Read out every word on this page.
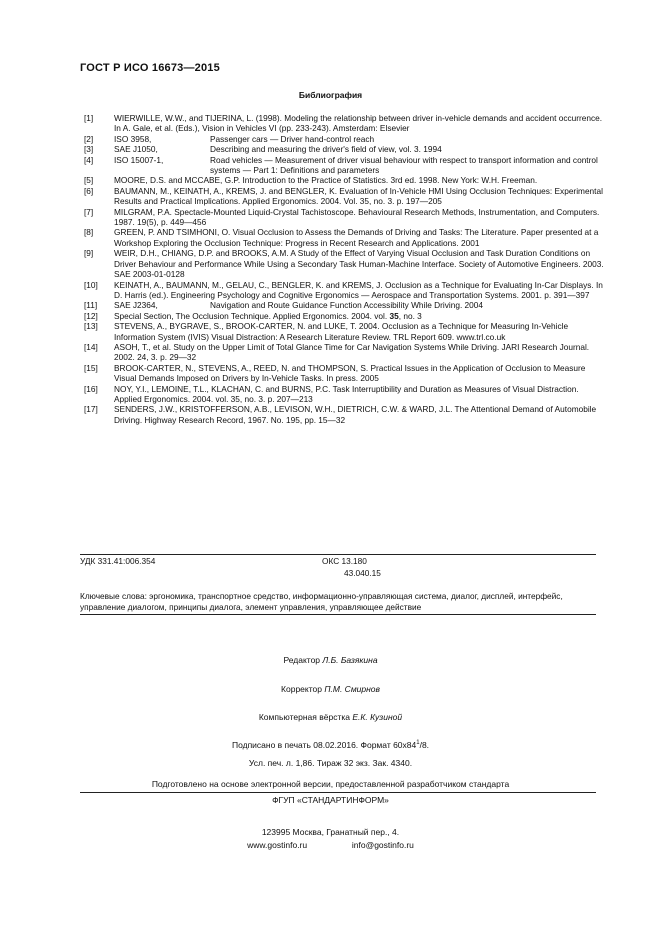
ГОСТ Р ИСО 16673—2015
Библиография
[1]	WIERWILLE, W.W., and TIJERINA, L. (1998). Modeling the relationship between driver in-vehicle demands and accident occurrence. In A. Gale, et al. (Eds.), Vision in Vehicles VI (pp. 233-243). Amsterdam: Elsevier
[2]	ISO 3958,	Passenger cars — Driver hand-control reach
[3]	SAE J1050,	Describing and measuring the driver's field of view, vol. 3. 1994
[4]	ISO 15007-1,	Road vehicles — Measurement of driver visual behaviour with respect to transport information and control systems — Part 1: Definitions and parameters
[5]	MOORE, D.S. and MCCABE, G.P. Introduction to the Practice of Statistics. 3rd ed. 1998. New York: W.H. Freeman.
[6]	BAUMANN, M., KEINATH, A., KREMS, J. and BENGLER, K. Evaluation of In-Vehicle HMI Using Occlusion Techniques: Experimental Results and Practical Implications. Applied Ergonomics. 2004. Vol. 35, no. 3. p. 197—205
[7]	MILGRAM, P.A. Spectacle-Mounted Liquid-Crystal Tachistoscope. Behavioural Research Methods, Instrumentation, and Computers. 1987. 19(5), p. 449—456
[8]	GREEN, P. AND TSIMHONI, O. Visual Occlusion to Assess the Demands of Driving and Tasks: The Literature. Paper presented at a Workshop Exploring the Occlusion Technique: Progress in Recent Research and Applications. 2001
[9]	WEIR, D.H., CHIANG, D.P. and BROOKS, A.M. A Study of the Effect of Varying Visual Occlusion and Task Duration Conditions on Driver Behaviour and Performance While Using a Secondary Task Human-Machine Interface. Society of Automotive Engineers. 2003. SAE 2003-01-0128
[10]	KEINATH, A., BAUMANN, M., GELAU, C., BENGLER, K. and KREMS, J. Occlusion as a Technique for Evaluating In-Car Displays. In D. Harris (ed.). Engineering Psychology and Cognitive Ergonomics — Aerospace and Transportation Systems. 2001. p. 391—397
[11]	SAE J2364,	Navigation and Route Guidance Function Accessibility While Driving. 2004
[12]	Special Section, The Occlusion Technique. Applied Ergonomics. 2004. vol. 35, no. 3
[13]	STEVENS, A., BYGRAVE, S., BROOK-CARTER, N. and LUKE, T. 2004. Occlusion as a Technique for Measuring In-Vehicle Information System (IVIS) Visual Distraction: A Research Literature Review. TRL Report 609. www.trl.co.uk
[14]	ASOH, T., et al. Study on the Upper Limit of Total Glance Time for Car Navigation Systems While Driving. JARI Research Journal. 2002. 24, 3. p. 29—32
[15]	BROOK-CARTER, N., STEVENS, A., REED, N. and THOMPSON, S. Practical Issues in the Application of Occlusion to Measure Visual Demands Imposed on Drivers by In-Vehicle Tasks. In press. 2005
[16]	NOY, Y.I., LEMOINE, T.L., KLACHAN, C. and BURNS, P.C. Task Interruptibility and Duration as Measures of Visual Distraction. Applied Ergonomics. 2004. vol. 35, no. 3. p. 207—213
[17]	SENDERS, J.W., KRISTOFFERSON, A.B., LEVISON, W.H., DIETRICH, C.W. & WARD, J.L. The Attentional Demand of Automobile Driving. Highway Research Record, 1967. No. 195, pp. 15—32
УДК 331.41:006.354	ОКС 13.180
43.040.15
Ключевые слова: эргономика, транспортное средство, информационно-управляющая система, диалог, дисплей, интерфейс, управление диалогом, принципы диалога, элемент управления, управляющее действие
Редактор Л.Б. Базякина
Корректор П.М. Смирнов
Компьютерная вёрстка Е.К. Кузиной
Подписано в печать 08.02.2016. Формат $60x84^1/8$.
Усл. печ. л. 1,86. Тираж 32 экз. Зак. 4340.
Подготовлено на основе электронной версии, предоставленной разработчиком стандарта
ФГУП «СТАНДАРТИНФОРМ»
123995 Москва, Гранатный пер., 4.
www.gostinfo.ru	info@gostinfo.ru
